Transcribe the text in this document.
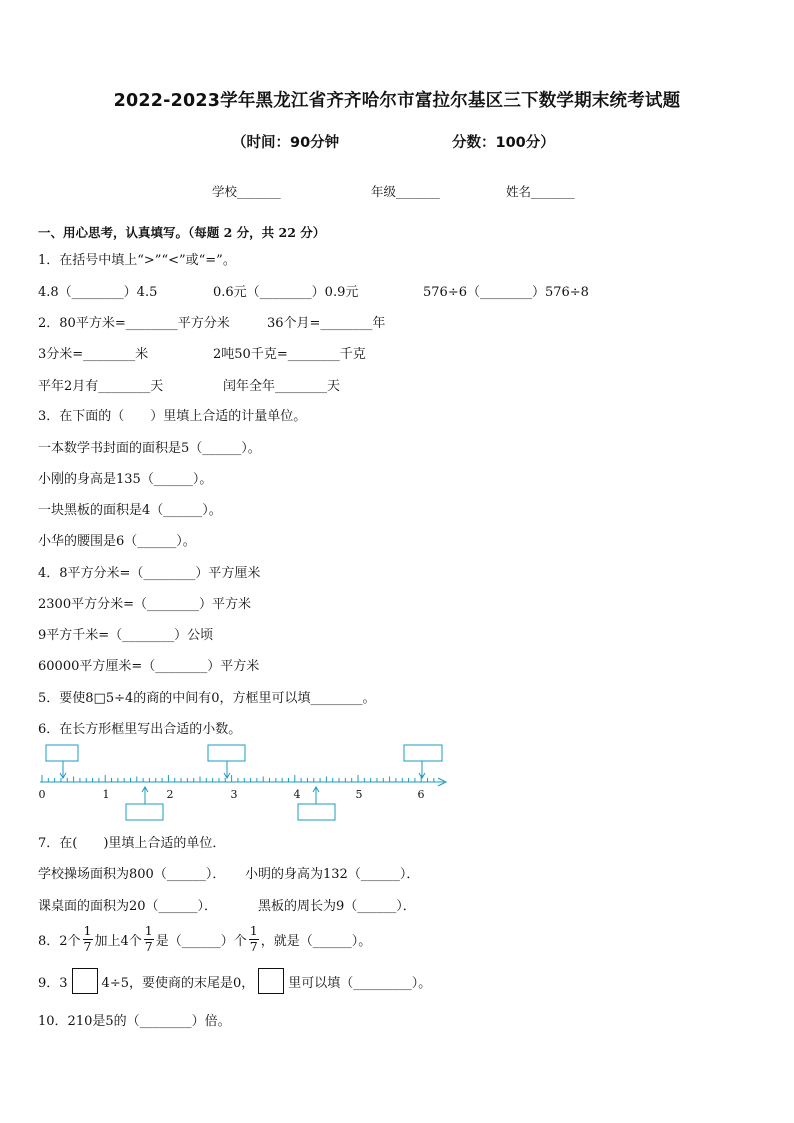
2022-2023学年黑龙江省齐齐哈尔市富拉尔基区三下数学期末统考试题
（时间：90分钟	分数：100分）
学校_______	年级_______	姓名_______
一、用心思考，认真填写。（每题 2 分，共 22 分）
1．在括号中填上“>”“<”或“=”。
4.8（________）4.5	0.6元（________）0.9元	576÷6（________）576÷8
2．80平方米=________平方分米	36个月=________年
3分米=________米	2吨50千克=________千克
平年2月有________天	闰年全年________天
3．在下面的（　　）里填上合适的计量单位。
一本数学书封面的面积是5（______）。
小刚的身高是135（______）。
一块黑板的面积是4（______）。
小华的腰围是6（______）。
4．8平方分米=（________）平方厘米
2300平方分米=（________）平方米
9平方千米=（________）公顷
60000平方厘米=（________）平方米
5．要使8□5÷4的商的中间有0，方框里可以填________。
6．在长方形框里写出合适的小数。
0	1	2	3	4	5	6
7．在(　　)里填上合适的单位．
学校操场面积为800（______）． 小明的身高为132（______）．
课桌面的面积为20（______）．	黑板的周长为9（______）．
8．2个 $\frac{1}{7}$ 加上4个 $\frac{1}{7}$ 是（______）个 $\frac{1}{7}$ ，就是（______）。
9．3	4÷5，要使商的末尾是0，	里可以填（_________）。
10．210是5的（________）倍。
